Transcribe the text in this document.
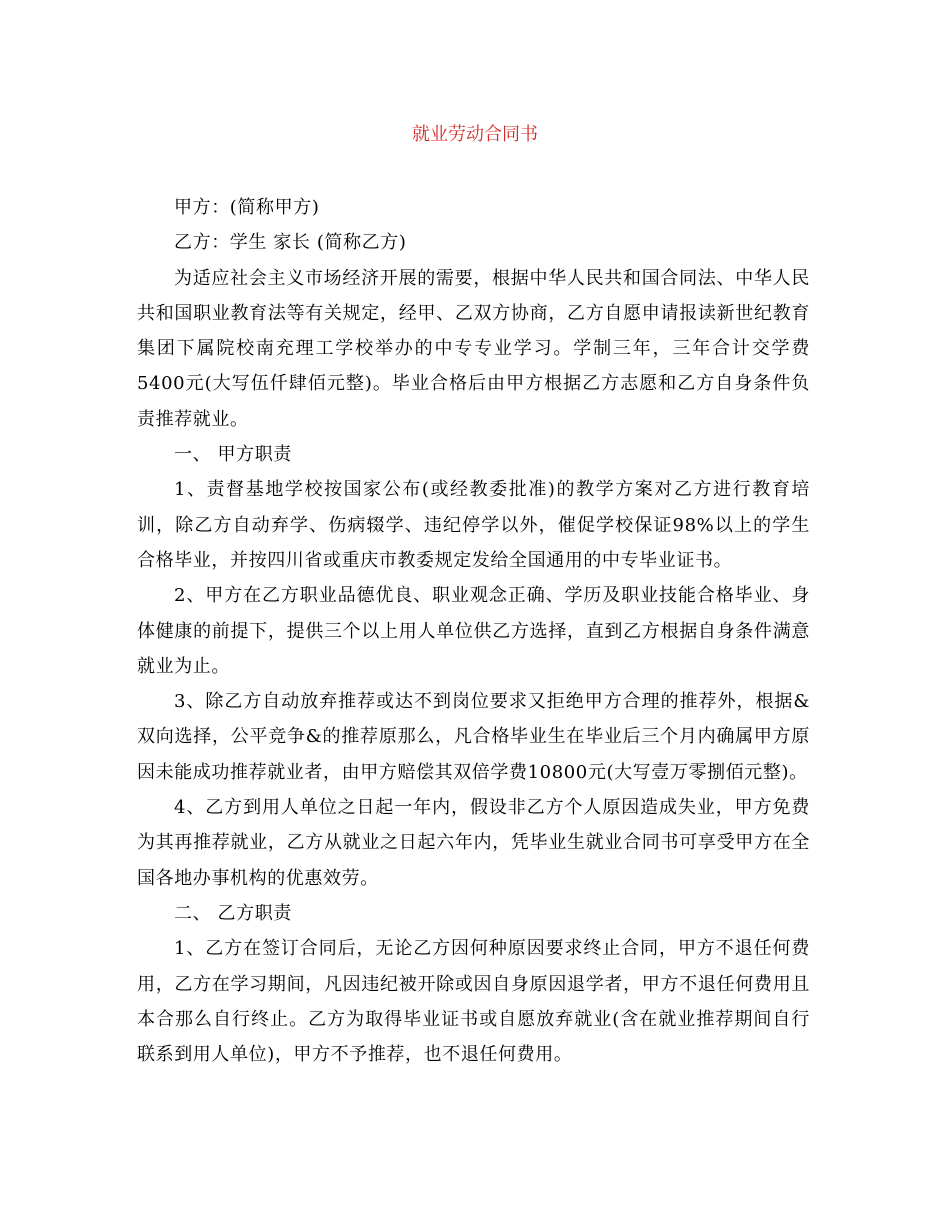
就业劳动合同书

甲方：(简称甲方)

乙方：学生 家长 (简称乙方)

为适应社会主义市场经济开展的需要，根据中华人民共和国合同法、中华人民共和国职业教育法等有关规定，经甲、乙双方协商，乙方自愿申请报读新世纪教育集团下属院校南充理工学校举办的中专专业学习。学制三年，三年合计交学费5400元(大写伍仟肆佰元整)。毕业合格后由甲方根据乙方志愿和乙方自身条件负责推荐就业。

一、 甲方职责

1、责督基地学校按国家公布(或经教委批准)的教学方案对乙方进行教育培训，除乙方自动弃学、伤病辍学、违纪停学以外，催促学校保证98%以上的学生合格毕业，并按四川省或重庆市教委规定发给全国通用的中专毕业证书。

2、甲方在乙方职业品德优良、职业观念正确、学历及职业技能合格毕业、身体健康的前提下，提供三个以上用人单位供乙方选择，直到乙方根据自身条件满意就业为止。

3、除乙方自动放弃推荐或达不到岗位要求又拒绝甲方合理的推荐外，根据&双向选择，公平竞争&的推荐原那么，凡合格毕业生在毕业后三个月内确属甲方原因未能成功推荐就业者，由甲方赔偿其双倍学费10800元(大写壹万零捌佰元整)。

4、乙方到用人单位之日起一年内，假设非乙方个人原因造成失业，甲方免费为其再推荐就业，乙方从就业之日起六年内，凭毕业生就业合同书可享受甲方在全国各地办事机构的优惠效劳。

二、 乙方职责

1、乙方在签订合同后，无论乙方因何种原因要求终止合同，甲方不退任何费用，乙方在学习期间，凡因违纪被开除或因自身原因退学者，甲方不退任何费用且本合那么自行终止。乙方为取得毕业证书或自愿放弃就业(含在就业推荐期间自行联系到用人单位)，甲方不予推荐，也不退任何费用。
